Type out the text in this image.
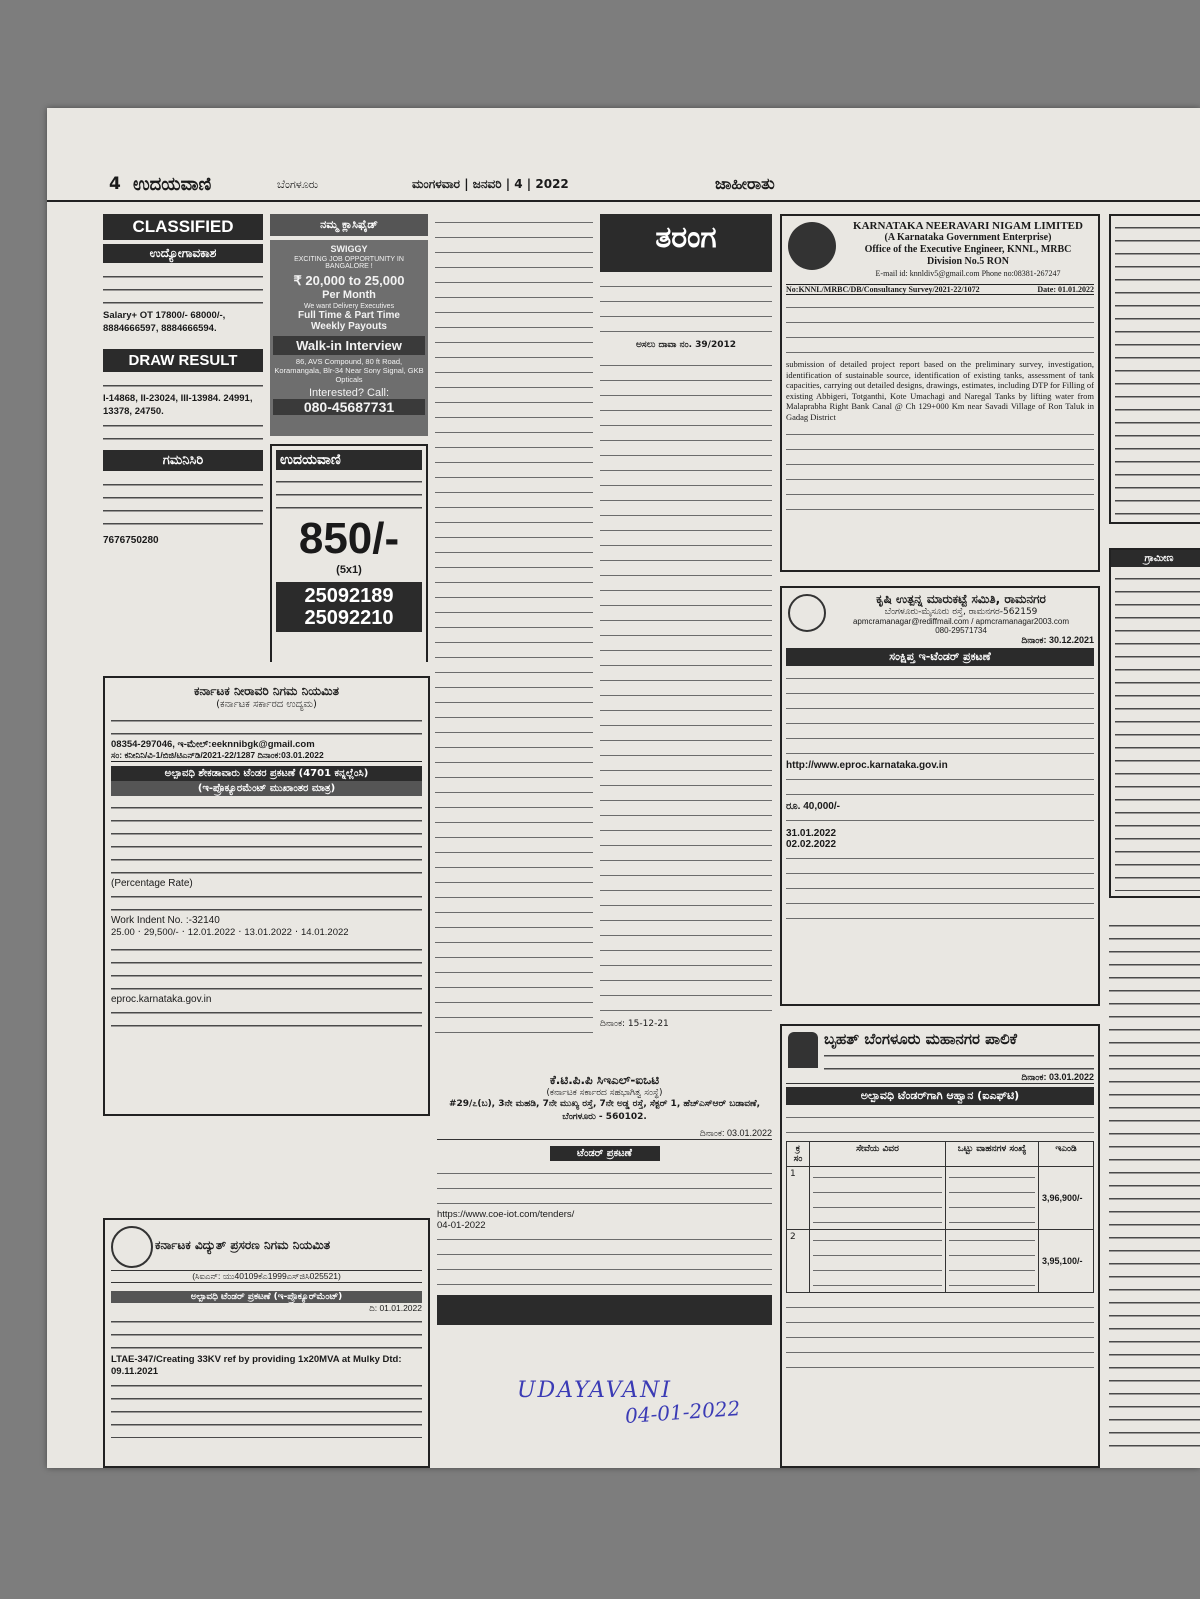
4 ಉದಯವಾಣಿ	ಬೆಂಗಳೂರು	ಮಂಗಳವಾರ | ಜನವರಿ | 4 | 2022	ಜಾಹೀರಾತು
CLASSIFIED
ಉದ್ಯೋಗಾವಕಾಶ
Salary+ OT 17800/- 68000/-, 8884666597, 8884666594.
DRAW RESULT
I-14868, II-23024, III-13984. 24991, 13378, 24750.
ಗಮನಿಸಿರಿ
7676750280
ನಮ್ಮ ಕ್ಲಾಸಿಫೈಡ್
SWIGGY
EXCITING JOB OPPORTUNITY IN BANGALORE !
₹ 20,000 to 25,000
Per Month
We want Delivery Executives
Full Time & Part Time
Weekly Payouts
Walk-in Interview
86, AVS Compound, 80 ft Road, Koramangala, Blr-34 Near Sony Signal, GKB Opticals
Interested? Call:
080-45687731
ಉದಯವಾಣಿ
850/-
(5x1)
25092189
25092210
ತರಂಗ
ಅಸಲು ದಾವಾ ನಂ. 39/2012
ದಿನಾಂಕ: 15-12-21
KARNATAKA NEERAVARI NIGAM LIMITED
(A Karnataka Government Enterprise)
Office of the Executive Engineer, KNNL, MRBC
Division No.5 RON
E-mail id: knnldiv5@gmail.com Phone no:08381-267247
No:KNNL/MRBC/DB/Consultancy Survey/2021-22/1072	Date: 01.01.2022
submission of detailed project report based on the preliminary survey, investigation, identification of sustainable source, identification of existing tanks, assessment of tank capacities, carrying out detailed designs, drawings, estimates, including DTP for Filling of existing Abbigeri, Totganthi, Kote Umachagi and Naregal Tanks by lifting water from Malaprabha Right Bank Canal @ Ch 129+000 Km near Savadi Village of Ron Taluk in Gadag District
ಕೃಷಿ ಉತ್ಪನ್ನ ಮಾರುಕಟ್ಟೆ ಸಮಿತಿ, ರಾಮನಗರ
ಬೆಂಗಳೂರು-ಮೈಸೂರು ರಸ್ತೆ, ರಾಮನಗರ-562159
apmcramanagar@rediffmail.com / apmcramanagar2003.com
080-29571734
ದಿನಾಂಕ: 30.12.2021
ಸಂಕ್ಷಿಪ್ತ ಇ-ಟೆಂಡರ್ ಪ್ರಕಟಣೆ
http://www.eproc.karnataka.gov.in
ರೂ. 40,000/-
31.01.2022
02.02.2022
ಕರ್ನಾಟಕ ನೀರಾವರಿ ನಿಗಮ ನಿಯಮಿತ
(ಕರ್ನಾಟಕ ಸರ್ಕಾರದ ಉದ್ಯಮ)
08354-297046, ಇ-ಮೇಲ್:eeknnibgk@gmail.com
ಸಂ: ಕನೀನಿನಿ/ವಿ-1/ಬಿಜಿ/ಟಿಎನ್‌ಡಿ/2021-22/1287 ದಿನಾಂಕ:03.01.2022
ಅಲ್ಪಾವಧಿ ಶೇಕಡಾವಾರು ಟೆಂಡರ ಪ್ರಕಟಣೆ (4701 ಕನ್ನಲ್ಲೆಂಸಿ)
(ಇ-ಪ್ರೊಕ್ಯೂರಮೆಂಟ್ ಮುಖಾಂತರ ಮಾತ್ರ)
(Percentage Rate)
Work Indent No. :-32140
25.00 · 29,500/- · 12.01.2022 · 13.01.2022 · 14.01.2022
eproc.karnataka.gov.in
ಕರ್ನಾಟಕ ವಿದ್ಯುತ್ ಪ್ರಸರಣ ನಿಗಮ ನಿಯಮಿತ
(ಸಿಐಎನ್: ಯು40109ಕೆಎ1999ಎಸ್‌ಜಿಸಿ025521)
ಅಲ್ಪಾವಧಿ ಟೆಂಡರ್ ಪ್ರಕಟಣೆ (ಇ-ಪ್ರೊಕ್ಯೂರ್‌ಮೆಂಟ್)
ದಿ: 01.01.2022
LTAE-347/Creating 33KV ref by providing 1x20MVA at Mulky Dtd: 09.11.2021
ಕೆ.ಟಿ.ಪಿ.ಪಿ ಸಿಇಎಲ್-ಐಒಟಿ
(ಕರ್ನಾಟಕ ಸರ್ಕಾರದ ಸಹಭಾಗಿತ್ವ ಸಂಸ್ಥೆ)
#29/೭(ಬ), 3ನೇ ಮಹಡಿ, 7ನೇ ಮುಖ್ಯ ರಸ್ತೆ, 7ನೇ ಅಡ್ಡ ರಸ್ತೆ, ಸೆಕ್ಟರ್ 1, ಹೆಚ್‌ಎಸ್‌ಆರ್ ಬಡಾವಣೆ, ಬೆಂಗಳೂರು - 560102.
ದಿನಾಂಕ: 03.01.2022
ಟೆಂಡರ್ ಪ್ರಕಟಣೆ
https://www.coe-iot.com/tenders/
04-01-2022
ಬೃಹತ್ ಬೆಂಗಳೂರು ಮಹಾನಗರ ಪಾಲಿಕೆ
ದಿನಾಂಕ: 03.01.2022
ಅಲ್ಪಾವಧಿ ಟೆಂಡರ್‌ಗಾಗಿ ಆಹ್ವಾನ (ಐಎಫ್‌ಟಿ)
ಕ್ರ ಸಂ	ಸೇವೆಯ ವಿವರ	ಒಟ್ಟು ವಾಹನಗಳ ಸಂಖ್ಯೆ	ಇಎಂಡಿ
1			3,96,900/-
2			3,95,100/-
ಗ್ರಾಮೀಣ
UDAYAVANI
04-01-2022
